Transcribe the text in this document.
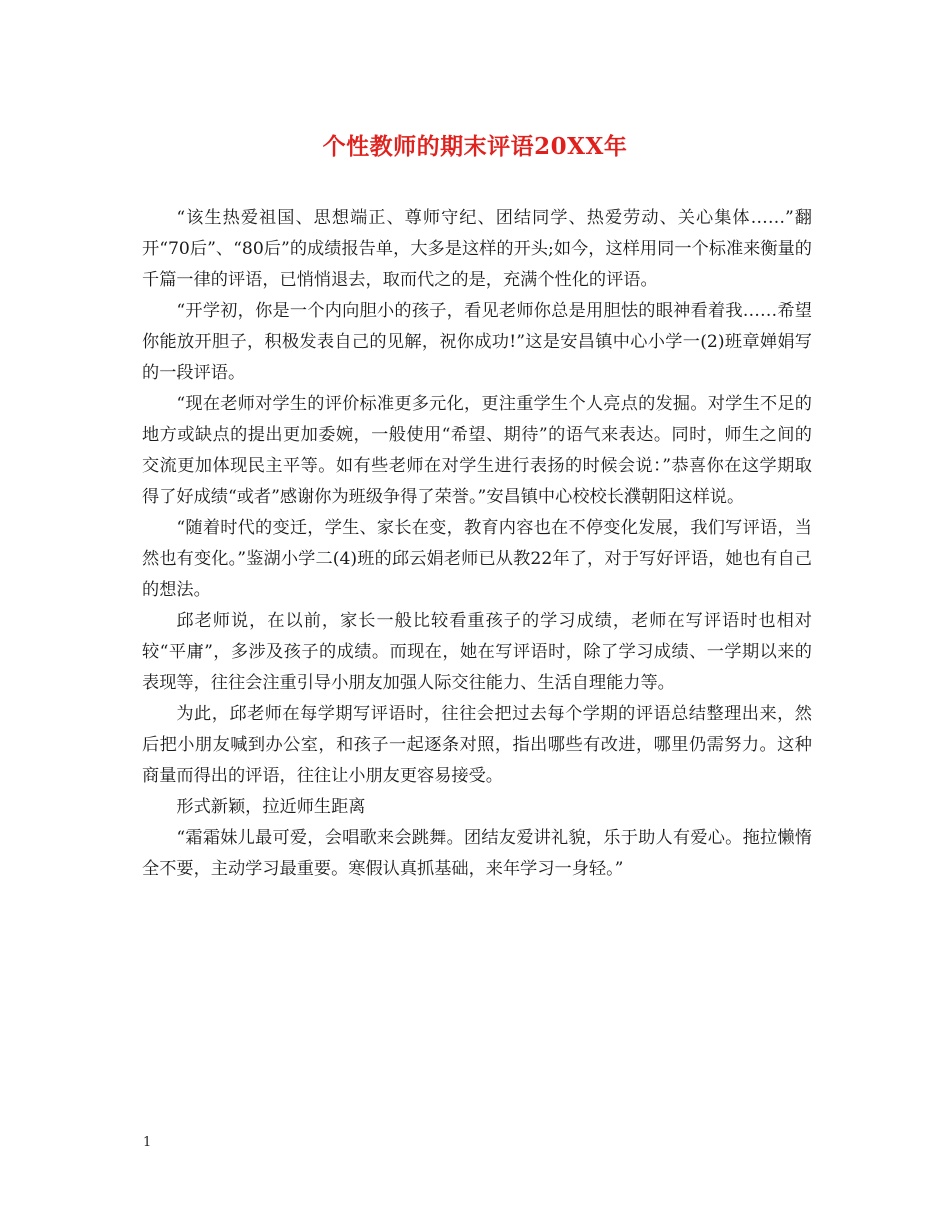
个性教师的期末评语20XX年

“该生热爱祖国、思想端正、尊师守纪、团结同学、热爱劳动、关心集体……”翻开“70后”、“80后”的成绩报告单，大多是这样的开头;如今，这样用同一个标准来衡量的千篇一律的评语，已悄悄退去，取而代之的是，充满个性化的评语。

“开学初，你是一个内向胆小的孩子，看见老师你总是用胆怯的眼神看着我……希望你能放开胆子，积极发表自己的见解，祝你成功!”这是安昌镇中心小学一(2)班章婵娟写的一段评语。

“现在老师对学生的评价标准更多元化，更注重学生个人亮点的发掘。对学生不足的地方或缺点的提出更加委婉，一般使用“希望、期待”的语气来表达。同时，师生之间的交流更加体现民主平等。如有些老师在对学生进行表扬的时候会说：”恭喜你在这学期取得了好成绩“或者”感谢你为班级争得了荣誉。”安昌镇中心校校长濮朝阳这样说。

“随着时代的变迁，学生、家长在变，教育内容也在不停变化发展，我们写评语，当然也有变化。”鉴湖小学二(4)班的邱云娟老师已从教22年了，对于写好评语，她也有自己的想法。

邱老师说，在以前，家长一般比较看重孩子的学习成绩，老师在写评语时也相对较“平庸”，多涉及孩子的成绩。而现在，她在写评语时，除了学习成绩、一学期以来的表现等，往往会注重引导小朋友加强人际交往能力、生活自理能力等。

为此，邱老师在每学期写评语时，往往会把过去每个学期的评语总结整理出来，然后把小朋友喊到办公室，和孩子一起逐条对照，指出哪些有改进，哪里仍需努力。这种商量而得出的评语，往往让小朋友更容易接受。

形式新颖，拉近师生距离

“霜霜妹儿最可爱，会唱歌来会跳舞。团结友爱讲礼貌，乐于助人有爱心。拖拉懒惰全不要，主动学习最重要。寒假认真抓基础，来年学习一身轻。”

1
